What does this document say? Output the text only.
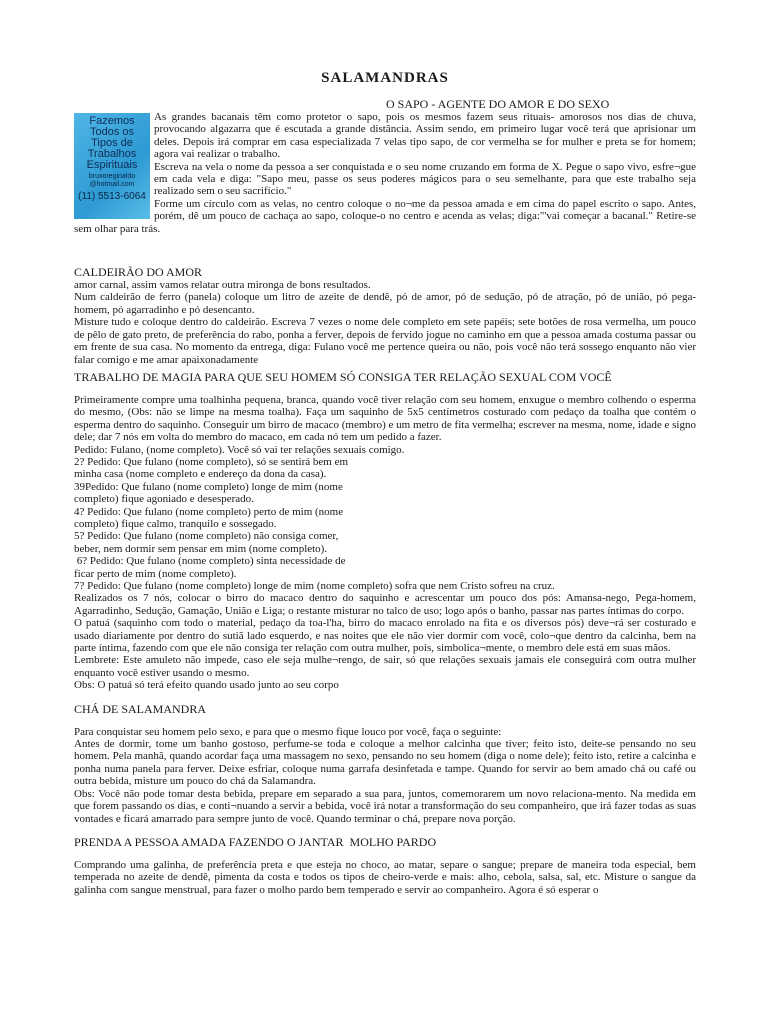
SALAMANDRAS
O SAPO - AGENTE DO AMOR E DO SEXO
Fazemos
Todos os
Tipos de
Trabalhos
Espirituais
bruxoreginaldo
@hotmail.com
(11) 5513-6064

As grandes bacanais têm como protetor o sapo, pois os mesmos fazem seus rituais- amorosos nos dias de chuva, provocando algazarra que é escutada a grande distância. Assim sendo, em primeiro lugar você terá que aprisionar um deles. Depois irá comprar em casa especializada 7 velas tipo sapo, de cor vermelha se for mulher e preta se for homem; agora vai realizar o trabalho.

Escreva na vela o nome da pessoa a ser conquistada e o seu nome cruzando em forma de X. Pegue o sapo vivo, esfre¬gue em cada vela e diga: "Sapo meu, passe os seus poderes mágicos para o seu semelhante, para que este trabalho seja realizado sem o seu sacrifício."

Forme um círculo com as velas, no centro coloque o no¬me da pessoa amada e em cima do papel escrito o sapo. Antes, porém, dê um pouco de cachaça ao sapo, coloque-o no centro e acenda as velas; diga:"'vai começar a bacanal." Retire-se sem olhar para trás.

CALDEIRÃO DO AMOR

amor carnal, assim vamos relatar outra mironga de bons resultados.

Num caldeirão de ferro (panela) coloque um litro de azeite de dendê, pó de amor, pó de sedução, pó de atração, pó de união, pó pega-homem, pó agarradinho e pó desencanto.

Misture tudo e coloque dentro do caldeirão. Escreva 7 vezes o nome dele completo em sete papéis; sete botões de rosa vermelha, um pouco de pêlo de gato preto, de preferência do rabo, ponha a ferver, depois de fervido jogue no caminho em que a pessoa amada costuma passar ou em frente de sua casa. No momento da entrega, diga: Fulano você me pertence queira ou não, pois você não terá sossego enquanto não vier falar comigo e me amar apaixonadamente

TRABALHO DE MAGIA PARA QUE SEU HOMEM SÓ CONSIGA TER RELAÇÃO SEXUAL COM VOCÊ

Primeiramente compre uma toalhinha pequena, branca, quando você tiver relação com seu homem, enxugue o membro colhendo o esperma do mesmo, (Obs: não se limpe na mesma toalha). Faça um saquinho de 5x5 centímetros costurado com pedaço da toalha que contém o esperma dentro do saquinho. Conseguir um birro de macaco (membro) e um metro de fita vermelha; escrever na mesma, nome, idade e signo dele; dar 7 nós em volta do membro do macaco, em cada nó tem um pedido a fazer.

Pedido: Fulano, (nome completo). Você só vai ter relações sexuais comigo.

2? Pedido: Que fulano (nome completo), só se sentirá bem em

minha casa (nome completo e endereço da dona da casa).

39Pedido: Que fulano (nome completo) longe de mim (nome

completo) fique agoniado e desesperado.

4? Pedido: Que fulano (nome completo) perto de mim (nome

completo) fique calmo, tranquilo e sossegado.

5? Pedido: Que fulano (nome completo) não consiga comer,

beber, nem dormir sem pensar em mim (nome completo).

6? Pedido: Que fulano (nome completo) sinta necessidade de

ficar perto de mim (nome completo).

7? Pedido: Que fulano (nome completo) longe de mim (nome completo) sofra que nem Cristo sofreu na cruz.

Realizados os 7 nós, colocar o birro do macaco dentro do saquinho e acrescentar um pouco dos pós: Amansa-nego, Pega-homem, Agarradinho, Sedução, Gamação, União e Liga; o restante misturar no talco de uso; logo após o banho, passar nas partes íntimas do corpo.

O patuá (saquinho com todo o material, pedaço da toa-l'ha, birro do macaco enrolado na fita e os diversos pós) deve¬rá ser costurado e usado diariamente por dentro do sutiã lado esquerdo, e nas noites que ele não vier dormir com você, colo¬que dentro da calcinha, bem na parte íntima, fazendo com que ele não consiga ter relação com outra mulher, pois, simbolica¬mente, o membro dele está em suas mãos.

Lembrete: Este amuleto não impede, caso ele seja mulhe¬rengo, de sair, só que relações sexuais jamais ele conseguirá com outra mulher enquanto você estiver usando o mesmo.

Obs: O patuá só terá efeito quando usado junto ao seu corpo

CHÁ DE SALAMANDRA

Para conquistar seu homem pelo sexo, e para que o mesmo fique louco por você, faça o seguinte:

Antes de dormir, tome um banho gostoso, perfume-se toda e coloque a melhor calcinha que tiver; feito isto, deite-se pensando no seu homem. Pela manhã, quando acordar faça uma massagem no sexo, pensando no seu homem (diga o nome dele); feito isto, retire a calcinha e ponha numa panela para ferver. Deixe esfriar, coloque numa garrafa desinfetada e tampe. Quando for servir ao bem amado chá ou café ou outra bebida, misture um pouco do chá da Salamandra.

Obs: Você não pode tomar desta bebida, prepare em separado a sua para, juntos, comemorarem um novo relaciona-mento. Na medida em que forem passando os dias, e conti¬nuando a servir a bebida, você irá notar a transformação do seu companheiro, que irá fazer todas as suas vontades e ficará amarrado para sempre junto de você. Quando terminar o chá, prepare nova porção.

PRENDA A PESSOA AMADA FAZENDO O JANTAR  MOLHO PARDO

Comprando uma galinha, de preferência preta e que esteja no choco, ao matar, separe o sangue; prepare de maneira toda especial, bem temperada no azeite de dendê, pimenta da costa e todos os tipos de cheiro-verde e mais: alho, cebola, salsa, sal, etc. Misture o sangue da galinha com sangue menstrual, para fazer o molho pardo bem temperado e servir ao companheiro. Agora é só esperar o
